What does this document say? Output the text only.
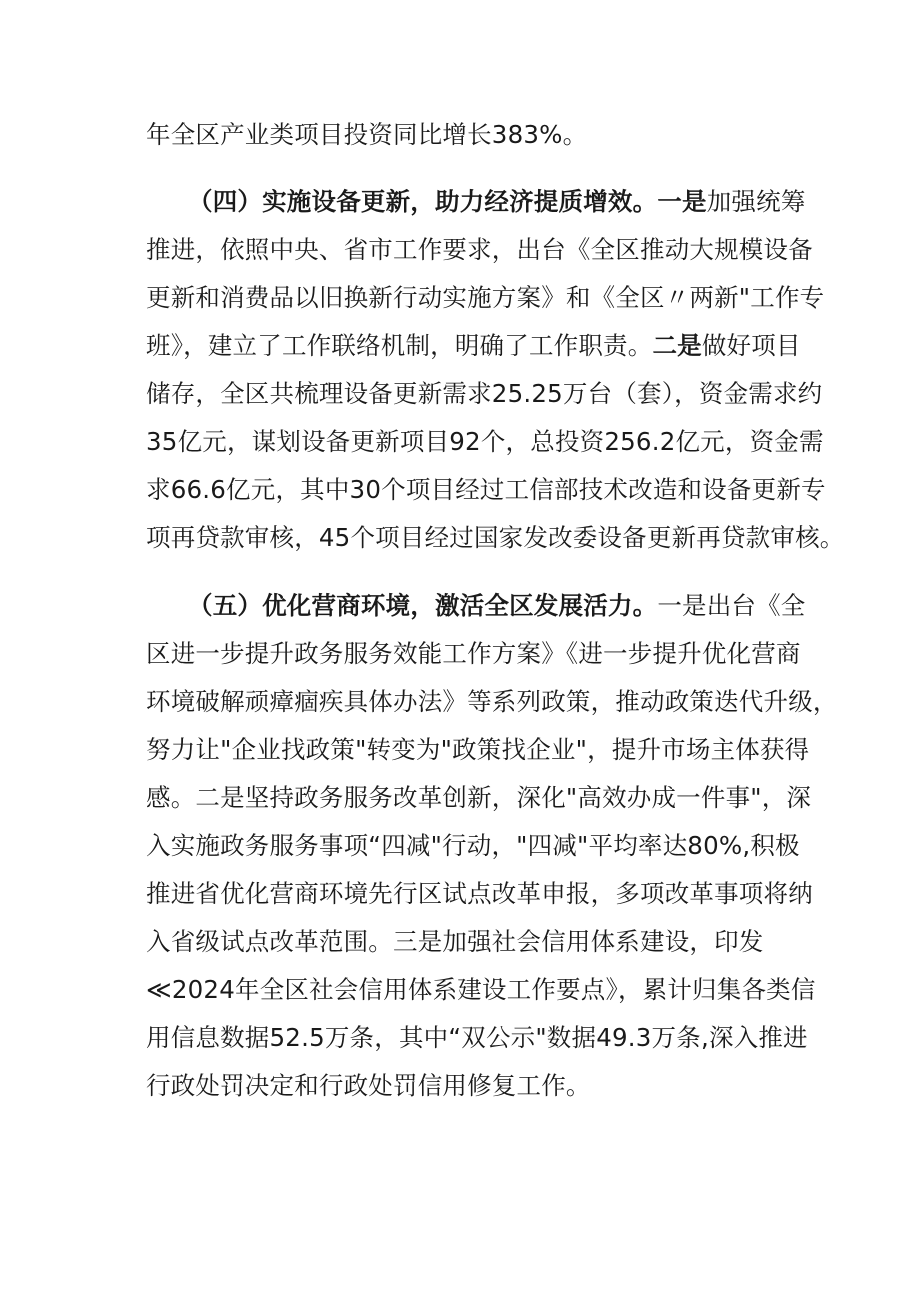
年全区产业类项目投资同比增长383%。
（四）实施设备更新，助力经济提质增效。一是加强统筹
推进，依照中央、省市工作要求，出台《全区推动大规模设备
更新和消费品以旧换新行动实施方案》和《全区〃两新"工作专
班》，建立了工作联络机制，明确了工作职责。二是做好项目
储存，全区共梳理设备更新需求25.25万台（套），资金需求约
35亿元，谋划设备更新项目92个，总投资256.2亿元，资金需
求66.6亿元，其中30个项目经过工信部技术改造和设备更新专
项再贷款审核，45个项目经过国家发改委设备更新再贷款审核。
（五）优化营商环境，激活全区发展活力。一是出台《全
区进一步提升政务服务效能工作方案》《进一步提升优化营商
环境破解顽瘴痼疾具体办法》等系列政策，推动政策迭代升级，
努力让"企业找政策"转变为"政策找企业"，提升市场主体获得
感。二是坚持政务服务改革创新，深化"高效办成一件事"，深
入实施政务服务事项“四减"行动，"四减"平均率达80%,积极
推进省优化营商环境先行区试点改革申报，多项改革事项将纳
入省级试点改革范围。三是加强社会信用体系建设，印发
≪2024年全区社会信用体系建设工作要点》，累计归集各类信
用信息数据52.5万条，其中“双公示"数据49.3万条,深入推进
行政处罚决定和行政处罚信用修复工作。
